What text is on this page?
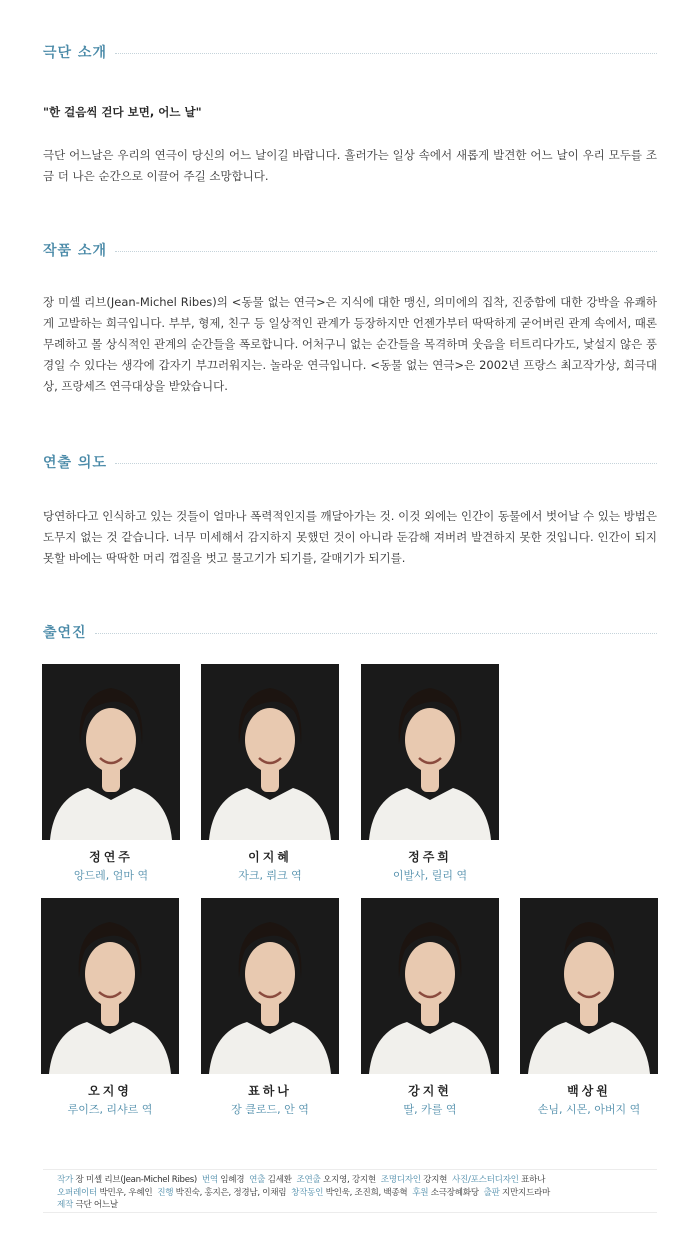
극단 소개
"한 걸음씩 걷다 보면, 어느 날"
극단 어느날은 우리의 연극이 당신의 어느 날이길 바랍니다. 흘러가는 일상 속에서 새롭게 발견한 어느 날이 우리 모두를 조금 더 나은 순간으로 이끌어 주길 소망합니다.
작품 소개
장 미셸 리브(Jean-Michel Ribes)의 <동물 없는 연극>은 지식에 대한 맹신, 의미에의 집착, 진중함에 대한 강박을 유쾌하게 고발하는 희극입니다. 부부, 형제, 친구 등 일상적인 관계가 등장하지만 언젠가부터 딱딱하게 굳어버린 관계 속에서, 때론 무례하고 몰 상식적인 관계의 순간들을 폭로합니다. 어처구니 없는 순간들을 목격하며 웃음을 터트리다가도, 낯설지 않은 풍경일 수 있다는 생각에 갑자기 부끄러워지는. 놀라운 연극입니다. <동물 없는 연극>은 2002년 프랑스 최고작가상, 희극대상, 프랑세즈 연극대상을 받았습니다.
연출 의도
당연하다고 인식하고 있는 것들이 얼마나 폭력적인지를 깨달아가는 것. 이것 외에는 인간이 동물에서 벗어날 수 있는 방법은 도무지 없는 것 같습니다. 너무 미세해서 감지하지 못했던 것이 아니라 둔감해 져버려 발견하지 못한 것입니다. 인간이 되지 못할 바에는 딱딱한 머리 껍질을 벗고 물고기가 되기를, 갈매기가 되기를.
출연진
정연주
앙드레, 엄마 역
이지혜
자크, 뤼크 역
정주희
이발사, 릴리 역
오지영
루이즈, 리샤르 역
표하나
장 클로드, 안 역
강지현
딸, 카를 역
백상원
손님, 시몬, 아버지 역
작가 장 미셸 리브(Jean-Michel Ribes) 번역 임혜경 연출 김세환 조연출 오지영, 강지현 조명디자인 강지현 사진/포스터디자인 표하나
오퍼레이터 박민우, 우혜인 진행 박진숙, 홍지은, 정경남, 이채림 창작동인 박인욱, 조진희, 백종혁 후원 소극장혜화당 출판 지만지드라마
제작 극단 어느날
